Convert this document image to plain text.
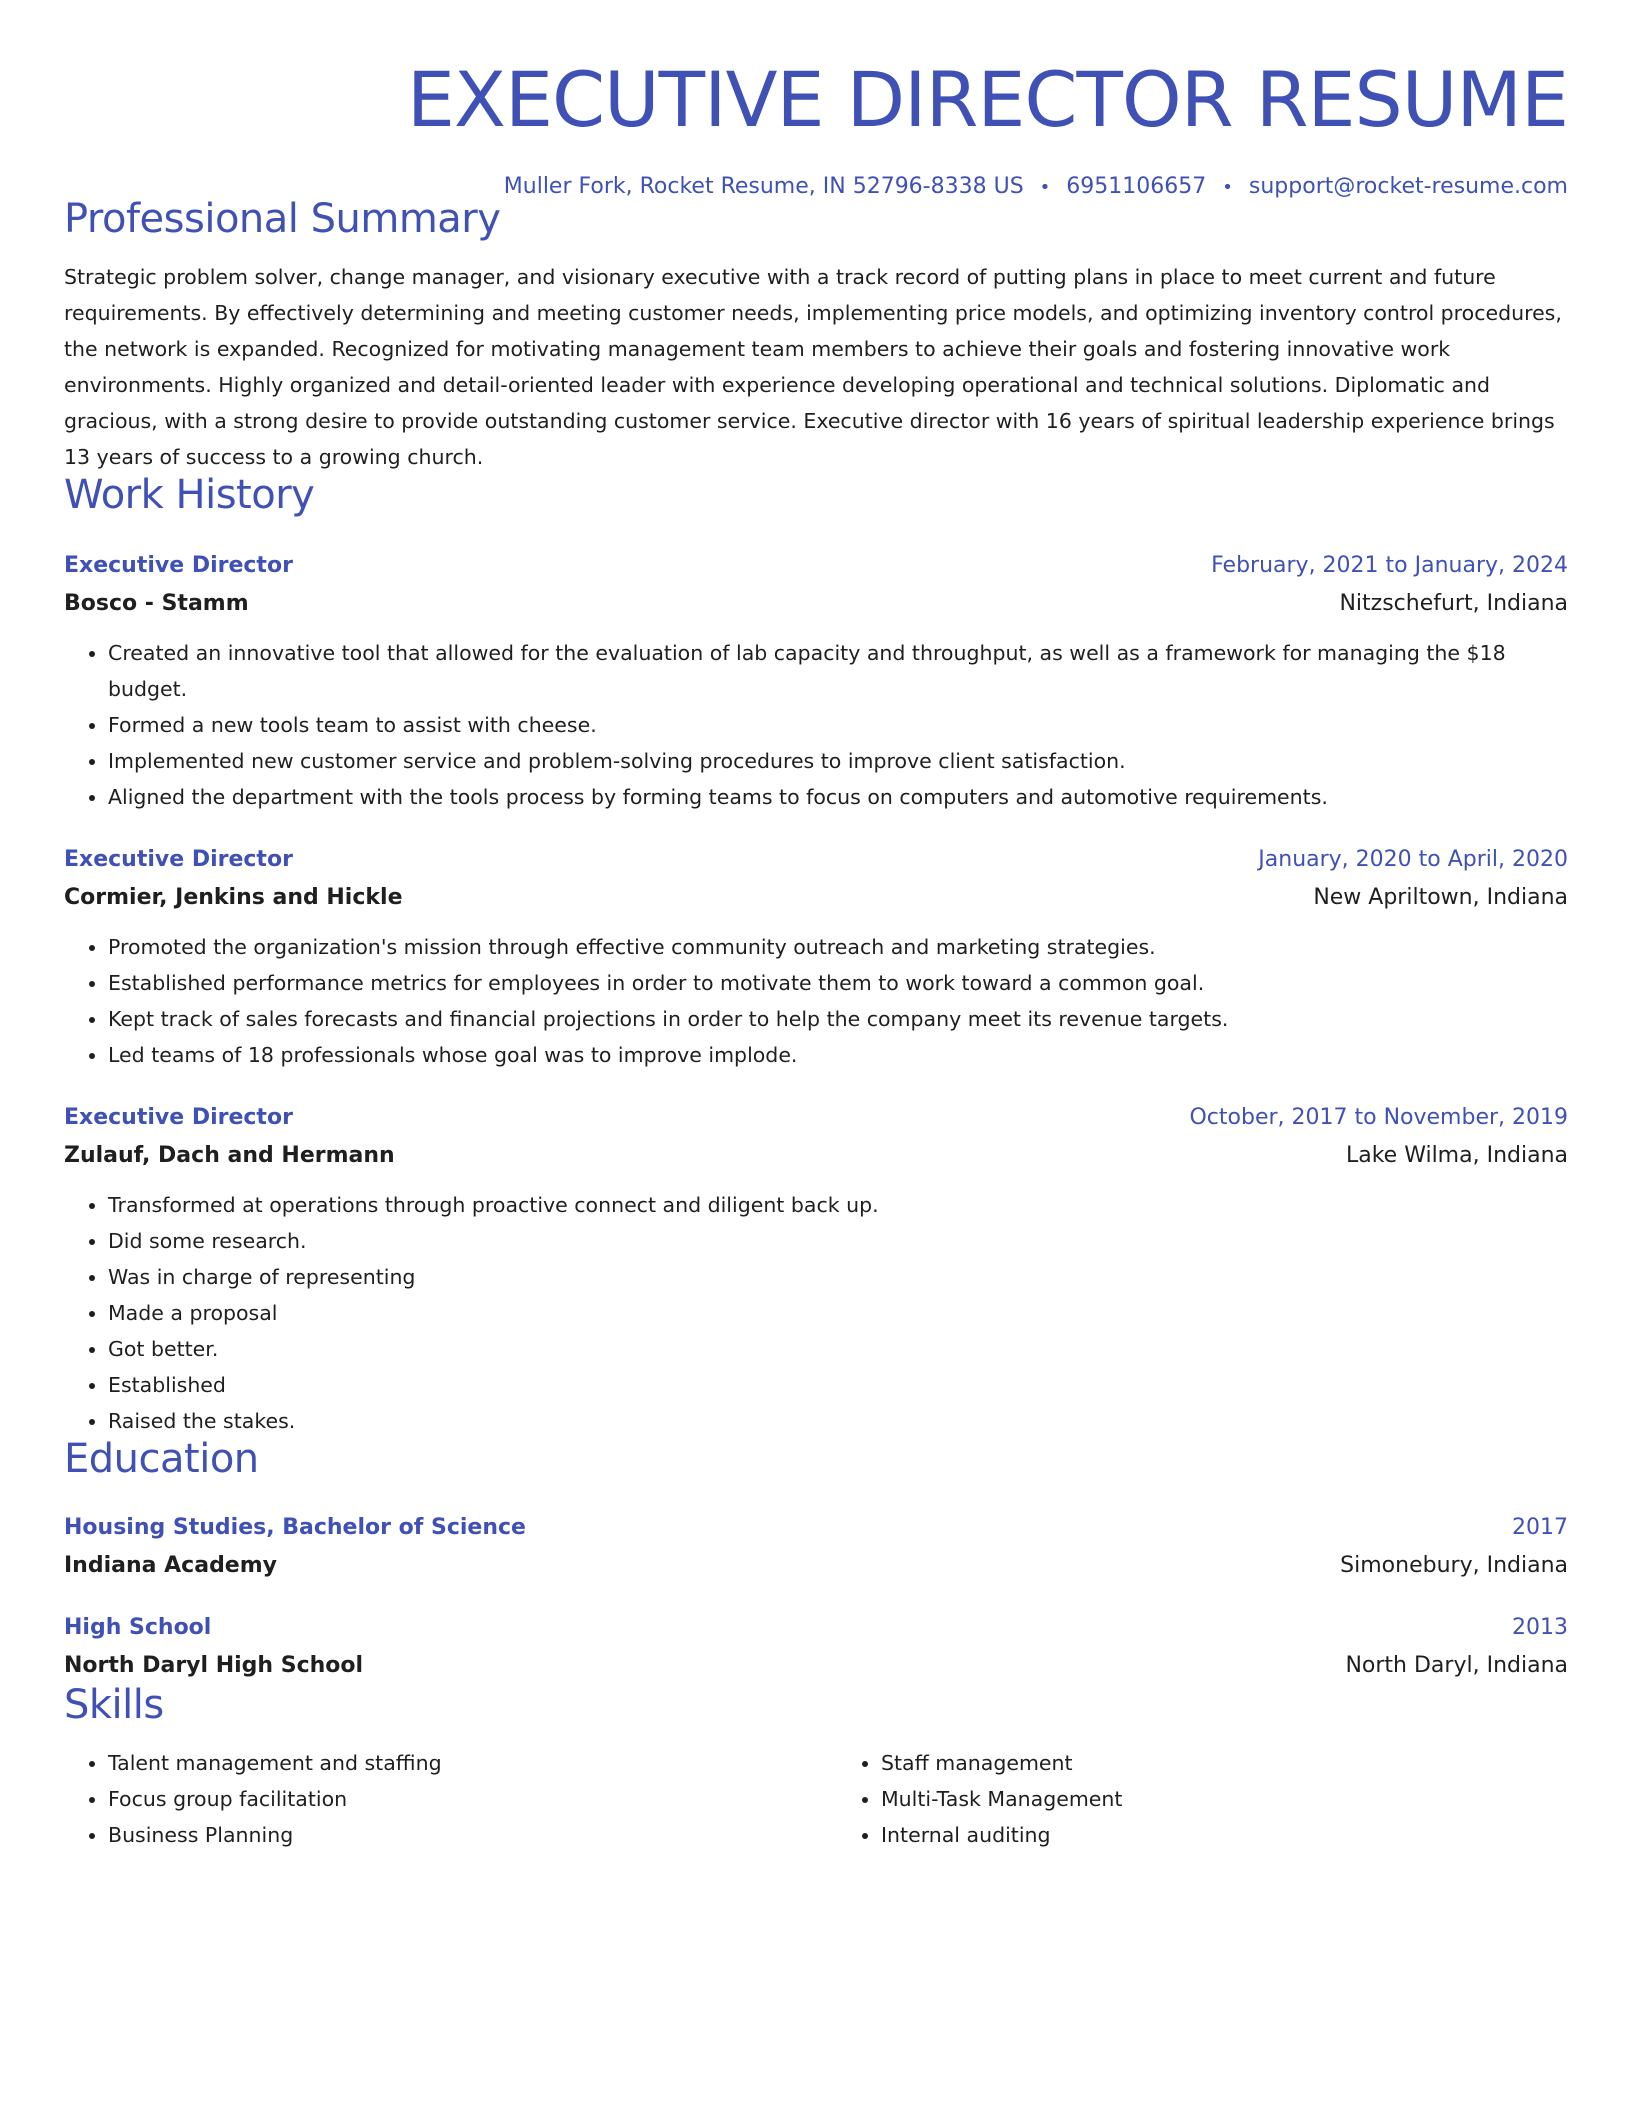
EXECUTIVE DIRECTOR RESUME
Muller Fork, Rocket Resume, IN 52796-8338 US • 6951106657 • support@rocket-resume.com
Professional Summary
Strategic problem solver, change manager, and visionary executive with a track record of putting plans in place to meet current and future requirements. By effectively determining and meeting customer needs, implementing price models, and optimizing inventory control procedures, the network is expanded. Recognized for motivating management team members to achieve their goals and fostering innovative work environments. Highly organized and detail-oriented leader with experience developing operational and technical solutions. Diplomatic and gracious, with a strong desire to provide outstanding customer service. Executive director with 16 years of spiritual leadership experience brings 13 years of success to a growing church.
Work History
Executive Director	February, 2021 to January, 2024
Bosco - Stamm	Nitzschefurt, Indiana
• Created an innovative tool that allowed for the evaluation of lab capacity and throughput, as well as a framework for managing the $18 budget.
• Formed a new tools team to assist with cheese.
• Implemented new customer service and problem-solving procedures to improve client satisfaction.
• Aligned the department with the tools process by forming teams to focus on computers and automotive requirements.
Executive Director	January, 2020 to April, 2020
Cormier, Jenkins and Hickle	New Apriltown, Indiana
• Promoted the organization's mission through effective community outreach and marketing strategies.
• Established performance metrics for employees in order to motivate them to work toward a common goal.
• Kept track of sales forecasts and financial projections in order to help the company meet its revenue targets.
• Led teams of 18 professionals whose goal was to improve implode.
Executive Director	October, 2017 to November, 2019
Zulauf, Dach and Hermann	Lake Wilma, Indiana
• Transformed at operations through proactive connect and diligent back up.
• Did some research.
• Was in charge of representing
• Made a proposal
• Got better.
• Established
• Raised the stakes.
Education
Housing Studies, Bachelor of Science	2017
Indiana Academy	Simonebury, Indiana
High School	2013
North Daryl High School	North Daryl, Indiana
Skills
• Talent management and staffing
• Focus group facilitation
• Business Planning
• Staff management
• Multi-Task Management
• Internal auditing
